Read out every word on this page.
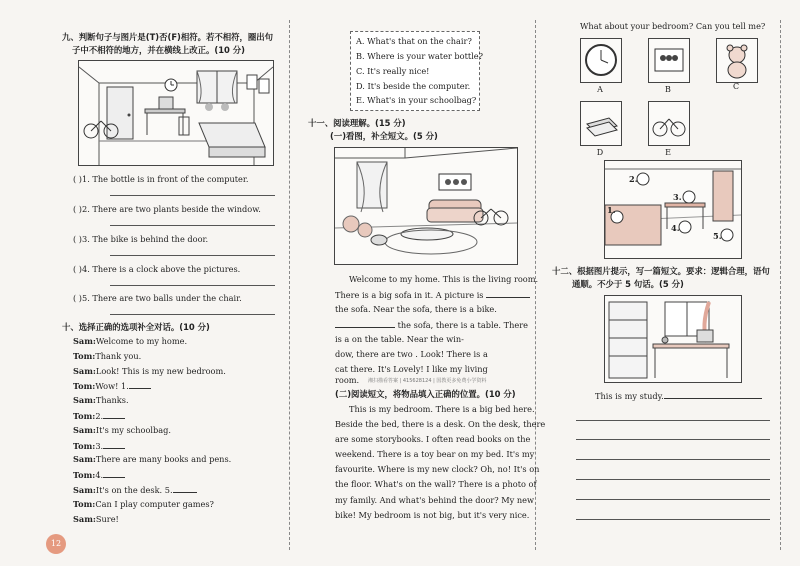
九、判断句子与图片是(T)否(F)相符。若不相符，圈出句
子中不相符的地方，并在横线上改正。(10 分)
( )1. The bottle is in front of the computer.
( )2. There are two plants beside the window.
( )3. The bike is behind the door.
( )4. There is a clock above the pictures.
( )5. There are two balls under the chair.
十、选择正确的选项补全对话。(10 分)
Sam:Welcome to my home.
Tom:Thank you.
Sam:Look! This is my new bedroom.
Tom:Wow! 1.
Sam:Thanks.
Tom:2.
Sam:It's my schoolbag.
Tom:3.
Sam:There are many books and pens.
Tom:4.
Sam:It's on the desk. 5.
Tom:Can I play computer games?
Sam:Sure!
12
A. What's that on the chair?
B. Where is your water bottle?
C. It's really nice!
D. It's beside the computer.
E. What's in your schoolbag?
十一、阅读理解。(15 分)
(一)看图，补全短文。(5 分)
Welcome to my home. This is the living room.
There is a big sofa in it. A picture is
the sofa. Near the sofa, there is a bike.
the sofa, there is a table. There
is a on the table. Near the win-
dow, there are two . Look! There is a
cat there. It's Lovely! I like my living
room. 湘扫描看答案 | 415628124 | 国教更多免费小学资料
(二)阅读短文，将物品填入正确的位置。(10 分)
This is my bedroom. There is a big bed here.
Beside the bed, there is a desk. On the desk, there
are some storybooks. I often read books on the
weekend. There is a toy bear on my bed. It's my
favourite. Where is my new clock? Oh, no! It's on
the floor. What's on the wall? There is a photo of
my family. And what's behind the door? My new
bike! My bedroom is not big, but it's very nice.
What about your bedroom? Can you tell me?
A	B	C
D	E
2.
3.
1.
4.
5.
十二、根据图片提示，写一篇短文。要求：逻辑合理，语句
通顺。不少于 5 句话。(5 分)
This is my study.
